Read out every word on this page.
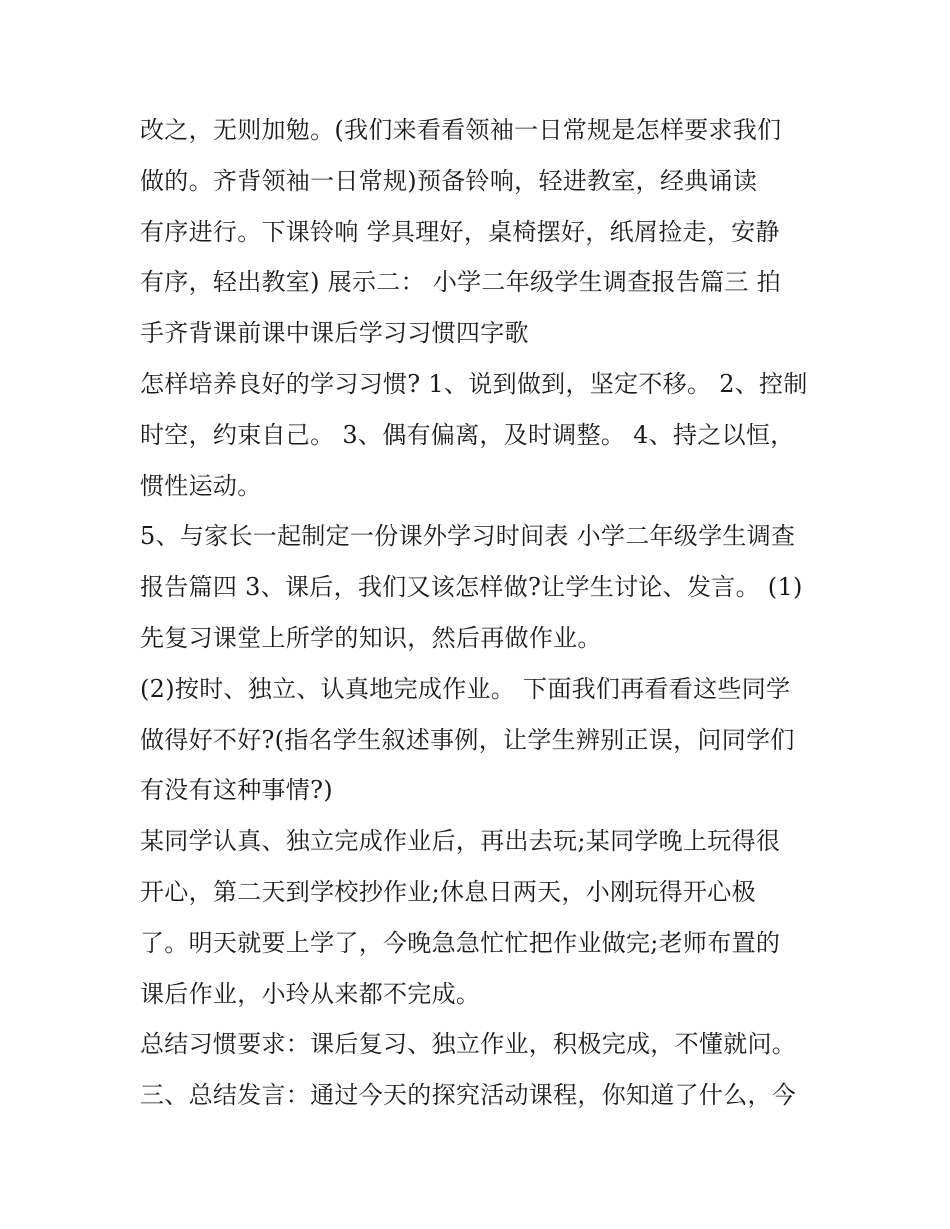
改之，无则加勉。(我们来看看领袖一日常规是怎样要求我们
做的。齐背领袖一日常规)预备铃响，轻进教室，经典诵读
有序进行。下课铃响 学具理好，桌椅摆好，纸屑捡走，安静
有序，轻出教室) 展示二： 小学二年级学生调查报告篇三 拍
手齐背课前课中课后学习习惯四字歌
怎样培养良好的学习习惯? 1、说到做到，坚定不移。 2、控制
时空，约束自己。 3、偶有偏离，及时调整。 4、持之以恒，
惯性运动。
5、与家长一起制定一份课外学习时间表 小学二年级学生调查
报告篇四 3、课后，我们又该怎样做?让学生讨论、发言。 (1)
先复习课堂上所学的知识，然后再做作业。
(2)按时、独立、认真地完成作业。 下面我们再看看这些同学
做得好不好?(指名学生叙述事例，让学生辨别正误，问同学们
有没有这种事情?)
某同学认真、独立完成作业后，再出去玩;某同学晚上玩得很
开心，第二天到学校抄作业;休息日两天，小刚玩得开心极
了。明天就要上学了，今晚急急忙忙把作业做完;老师布置的
课后作业，小玲从来都不完成。
总结习惯要求：课后复习、独立作业，积极完成，不懂就问。
三、总结发言：通过今天的探究活动课程，你知道了什么，今
